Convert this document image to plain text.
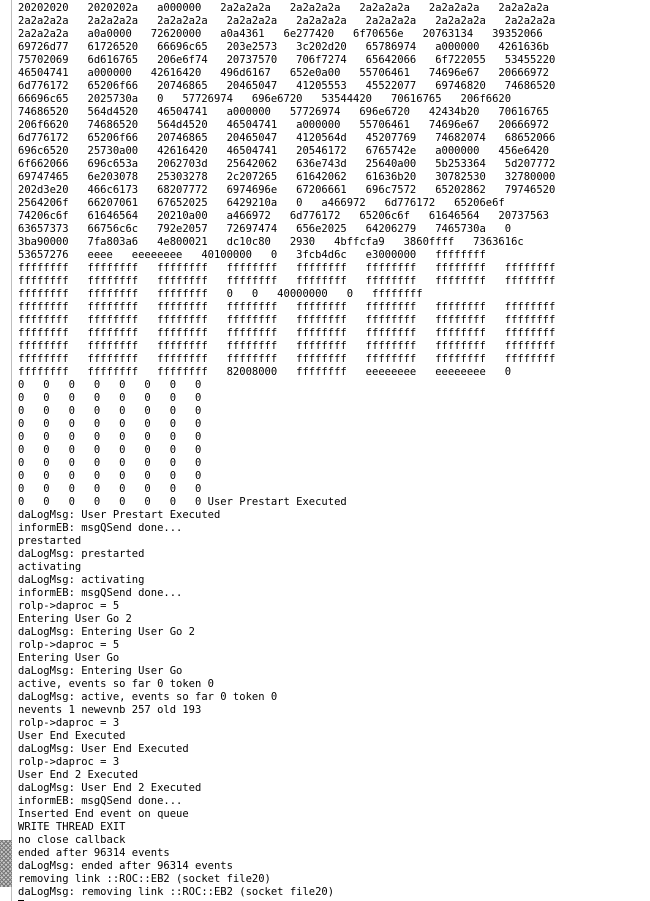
20202020   2020202a   a000000   2a2a2a2a   2a2a2a2a   2a2a2a2a   2a2a2a2a   2a2a2a2a
2a2a2a2a   2a2a2a2a   2a2a2a2a   2a2a2a2a   2a2a2a2a   2a2a2a2a   2a2a2a2a   2a2a2a2a
2a2a2a2a   a0a0000   72620000   a0a4361   6e277420   6f70656e   20763134   39352066
69726d77   61726520   66696c65   203e2573   3c202d20   65786974   a000000   4261636b
75702069   6d616765   206e6f74   20737570   706f7274   65642066   6f722055   53455220
46504741   a000000   42616420   496d6167   652e0a00   55706461   74696e67   20666972
6d776172   65206f66   20746865   20465047   41205553   45522077   69746820   74686520
66696c65   2025730a   0   57726974   696e6720   53544420   70616765   206f6620
74686520   564d4520   46504741   a000000   57726974   696e6720   42434b20   70616765
206f6620   74686520   564d4520   46504741   a000000   55706461   74696e67   20666972
6d776172   65206f66   20746865   20465047   4120564d   45207769   74682074   68652066
696c6520   25730a00   42616420   46504741   20546172   6765742e   a000000   456e6420
6f662066   696c653a   2062703d   25642062   636e743d   25640a00   5b253364   5d207772
69747465   6e203078   25303278   2c207265   61642062   61636b20   30782530   32780000
202d3e20   466c6173   68207772   6974696e   67206661   696c7572   65202862   79746520
2564206f   66207061   67652025   6429210a   0   a466972   6d776172   65206e6f
74206c6f   61646564   20210a00   a466972   6d776172   65206c6f   61646564   20737563
63657373   66756c6c   792e2057   72697474   656e2025   64206279   7465730a   0
3ba90000   7fa803a6   4e800021   dc10c80   2930   4bffcfa9   3860ffff   7363616c
53657276   eeee   eeeeeeee   40100000   0   3fcb4d6c   e3000000   ffffffff
ffffffff   ffffffff   ffffffff   ffffffff   ffffffff   ffffffff   ffffffff   ffffffff
ffffffff   ffffffff   ffffffff   ffffffff   ffffffff   ffffffff   ffffffff   ffffffff
ffffffff   ffffffff   ffffffff   0   0   40000000   0   ffffffff
ffffffff   ffffffff   ffffffff   ffffffff   ffffffff   ffffffff   ffffffff   ffffffff
ffffffff   ffffffff   ffffffff   ffffffff   ffffffff   ffffffff   ffffffff   ffffffff
ffffffff   ffffffff   ffffffff   ffffffff   ffffffff   ffffffff   ffffffff   ffffffff
ffffffff   ffffffff   ffffffff   ffffffff   ffffffff   ffffffff   ffffffff   ffffffff
ffffffff   ffffffff   ffffffff   ffffffff   ffffffff   ffffffff   ffffffff   ffffffff
ffffffff   ffffffff   ffffffff   82008000   ffffffff   eeeeeeee   eeeeeeee   0
0   0   0   0   0   0   0   0
0   0   0   0   0   0   0   0
0   0   0   0   0   0   0   0
0   0   0   0   0   0   0   0
0   0   0   0   0   0   0   0
0   0   0   0   0   0   0   0
0   0   0   0   0   0   0   0
0   0   0   0   0   0   0   0
0   0   0   0   0   0   0   0
0   0   0   0   0   0   0   0 User Prestart Executed
daLogMsg: User Prestart Executed
informEB: msgQSend done...
prestarted
daLogMsg: prestarted
activating
daLogMsg: activating
informEB: msgQSend done...
rolp->daproc = 5
Entering User Go 2
daLogMsg: Entering User Go 2
rolp->daproc = 5
Entering User Go
daLogMsg: Entering User Go
active, events so far 0 token 0
daLogMsg: active, events so far 0 token 0
nevents 1 newevnb 257 old 193
rolp->daproc = 3
User End Executed
daLogMsg: User End Executed
rolp->daproc = 3
User End 2 Executed
daLogMsg: User End 2 Executed
informEB: msgQSend done...
Inserted End event on queue
WRITE THREAD EXIT
no close callback
ended after 96314 events
daLogMsg: ended after 96314 events
removing link ::ROC::EB2 (socket file20)
daLogMsg: removing link ::ROC::EB2 (socket file20)
